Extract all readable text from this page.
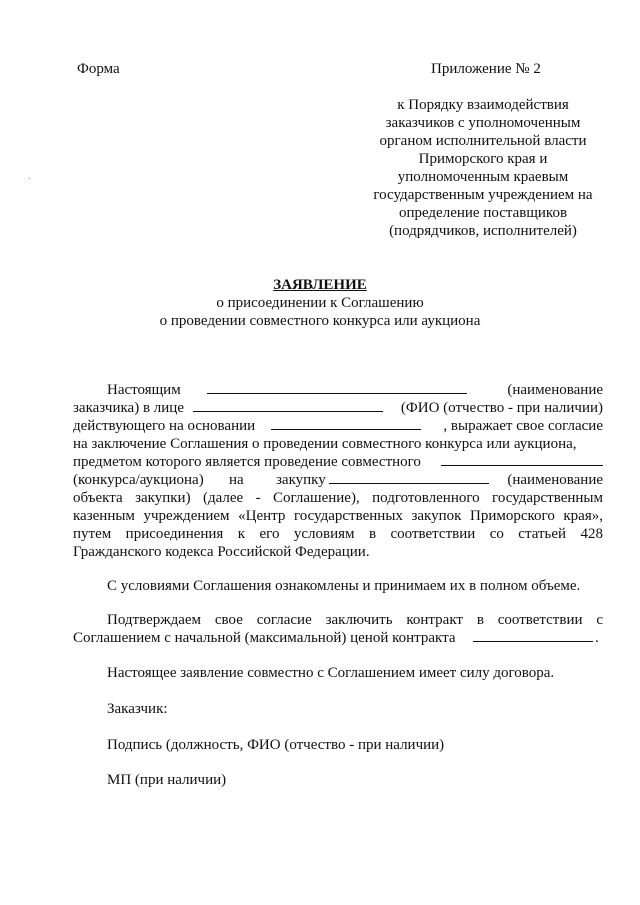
Форма	Приложение № 2
к Порядку взаимодействия
заказчиков с уполномоченным
органом исполнительной власти
Приморского края и
уполномоченным краевым
государственным учреждением на
определение поставщиков
(подрядчиков, исполнителей)
ЗАЯВЛЕНИЕ
о присоединении к Соглашению
о проведении совместного конкурса или аукциона
Настоящим	(наименование
заказчика) в лице	(ФИО (отчество - при наличии)
действующего на основании	, выражает свое согласие
на заключение Соглашения о проведении совместного конкурса или аукциона,
предметом которого является проведение совместного
(конкурса/аукциона) на закупку	(наименование
объекта закупки) (далее - Соглашение), подготовленного государственным
казенным учреждением «Центр государственных закупок Приморского края»,
путем присоединения к его условиям в соответствии со статьей 428
Гражданского кодекса Российской Федерации.
С условиями Соглашения ознакомлены и принимаем их в полном объеме.
Подтверждаем свое согласие заключить контракт в соответствии с
Соглашением с начальной (максимальной) ценой контракта	.
Настоящее заявление совместно с Соглашением имеет силу договора.
Заказчик:
Подпись (должность, ФИО (отчество - при наличии)
МП (при наличии)
